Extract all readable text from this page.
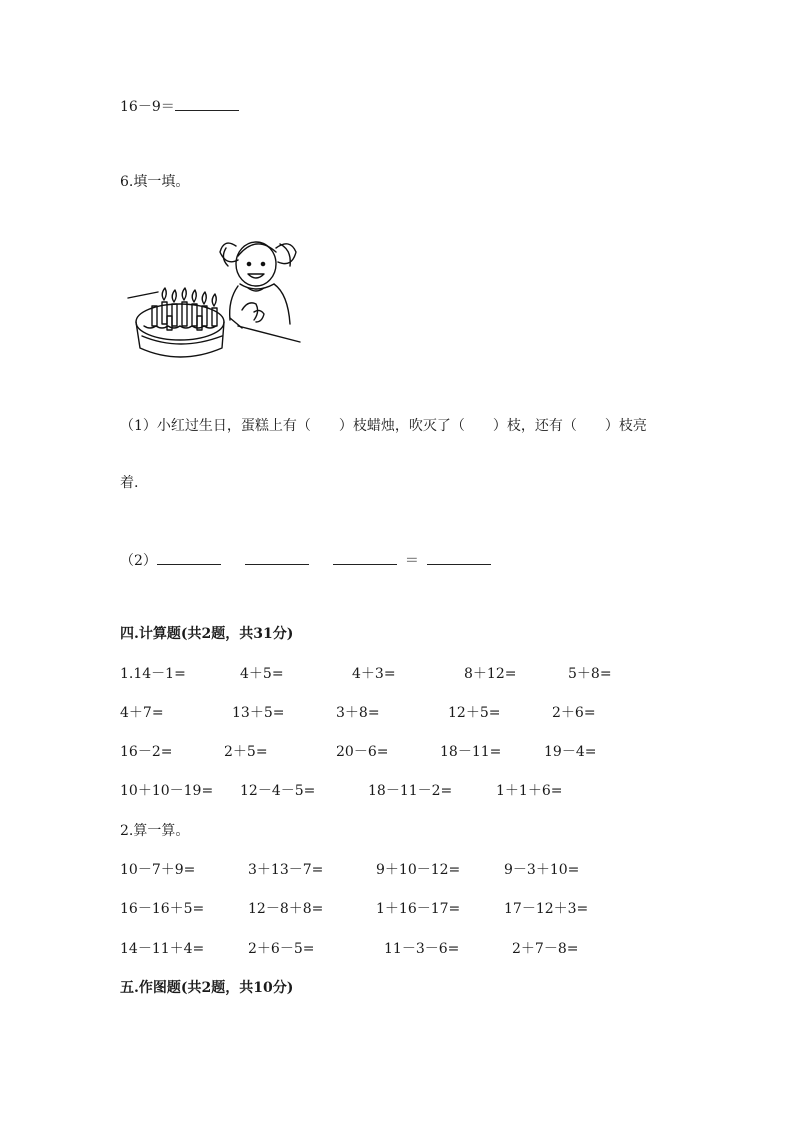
16－9＝
6.填一填。
（1）小红过生日，蛋糕上有（ ）枝蜡烛，吹灭了（ ）枝，还有（ ）枝亮
着.
（2）	＝
四.计算题(共2题，共31分)
1.14－1=	4＋5=	4＋3=	8＋12=	5＋8=
4＋7=	13＋5=	3＋8=	12＋5=	2＋6=
16－2=	2＋5=	20－6=	18－11=	19－4=
10＋10－19= 12－4－5=	18－11－2=	1＋1＋6=
2.算一算。
10－7＋9=	3＋13－7=	9＋10－12=	9－3＋10=
16－16＋5=	12－8＋8=	1＋16－17=	17－12＋3=
14－11＋4=	2＋6－5=	11－3－6=	2＋7－8=
五.作图题(共2题，共10分)
